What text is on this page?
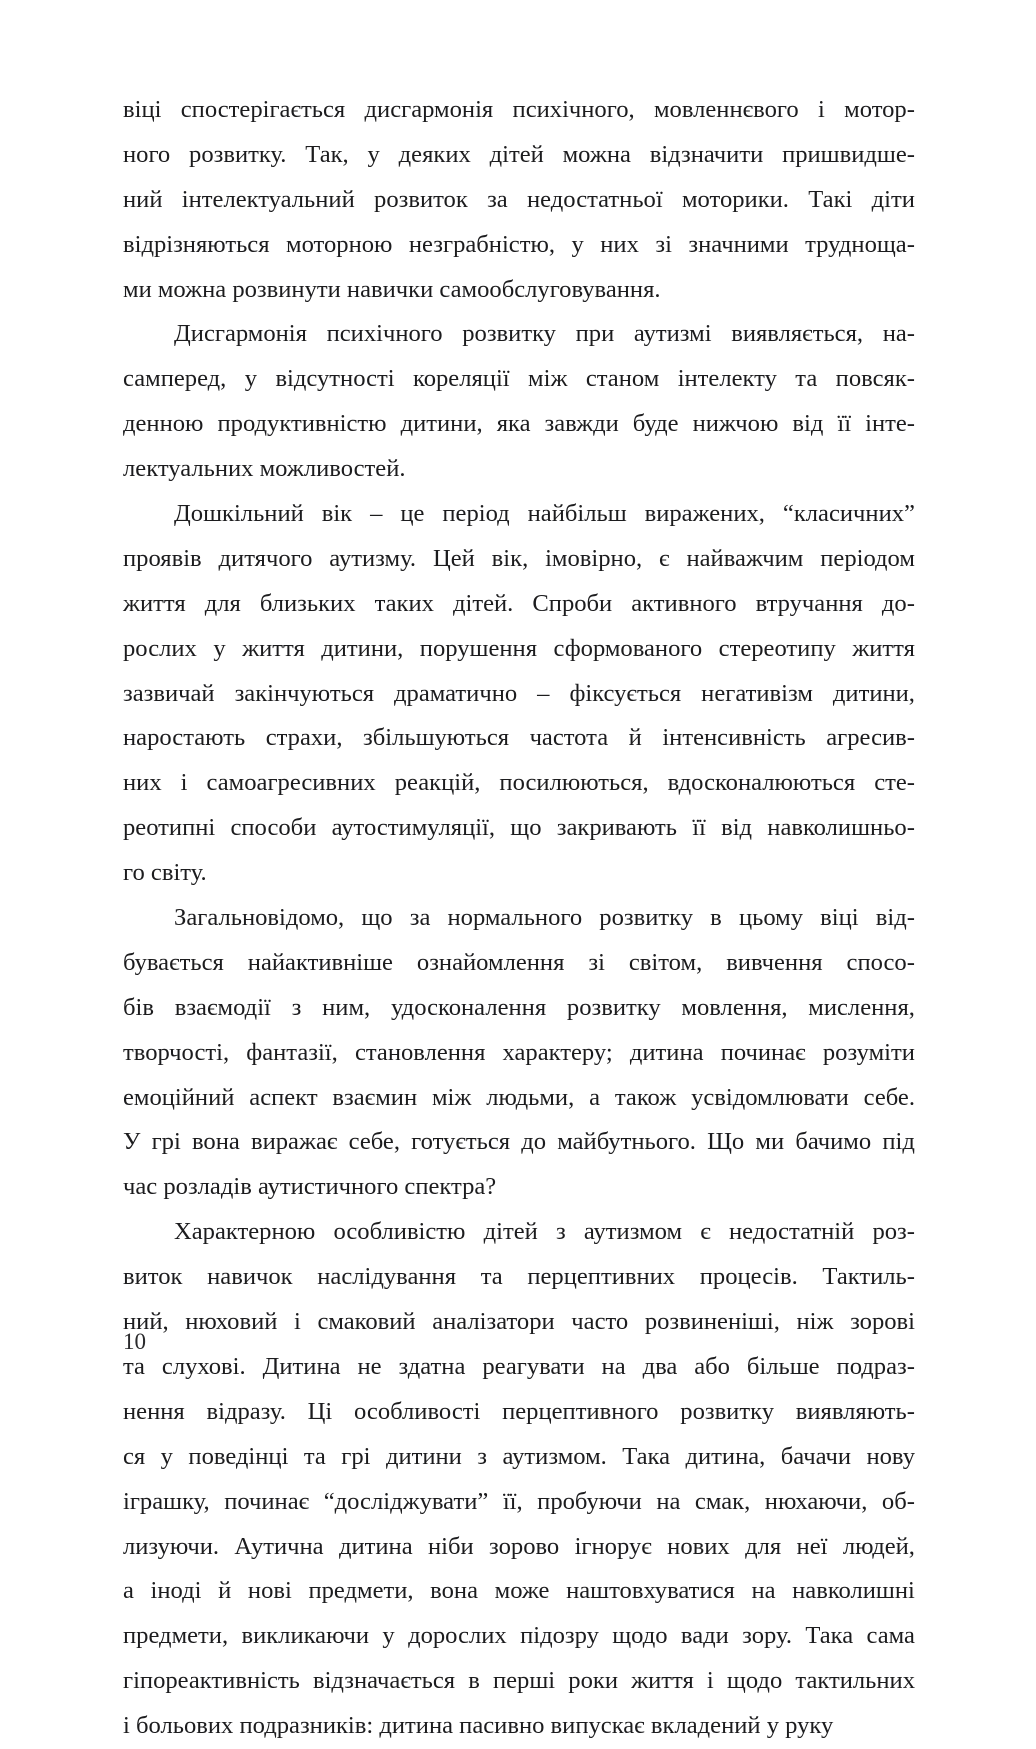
віці спостерігається дисгармонія психічного, мовленнєвого і мотор-
ного розвитку. Так, у деяких дітей можна відзначити пришвидше-
ний інтелектуальний розвиток за недостатньої моторики. Такі діти
відрізняються моторною незграбністю, у них зі значними труднoща-
ми можна розвинути навички самообслуговування.
Дисгармонія психічного розвитку при аутизмі виявляється, на-
самперед, у відсутності кореляції між станом інтелекту та повсяк-
денною продуктивністю дитини, яка завжди буде нижчою від її інте-
лектуальних можливостей.
Дошкільний вік – це період найбільш виражених, “класичних”
проявів дитячого аутизму. Цей вік, імовірно, є найважчим періодом
життя для близьких таких дітей. Спроби активного втручання до-
рослих у життя дитини, порушення сформованого стереотипу життя
зазвичай закінчуються драматично – фіксується негативізм дитини,
наростають страхи, збільшуються частота й інтенсивність агресив-
них і самоагресивних реакцій, посилюються, вдосконалюються сте-
реотипні способи аутостимуляції, що закривають її від навколишньо-
го світу.
Загальновідомо, що за нормального розвитку в цьому віці від-
бувається найактивніше ознайомлення зі світом, вивчення спосо-
бів взаємодії з ним, удосконалення розвитку мовлення, мислення,
творчості, фантазії, становлення характеру; дитина починає розуміти
емоційний аспект взаємин між людьми, а також усвідомлювати себе.
У грі вона виражає себе, готується до майбутнього. Що ми бачимо під
час розладів аутистичного спектра?
Характерною особливістю дітей з аутизмом є недостатній роз-
виток навичок наслідування та перцептивних процесів. Тактиль-
ний, нюховий і смаковий аналізатори часто розвиненіші, ніж зорові
та слухові. Дитина не здатна реагувати на два або більше подраз-
нення відразу. Ці особливості перцептивного розвитку виявляють-
ся у поведінці та грі дитини з аутизмом. Така дитина, бачачи нову
іграшку, починає “досліджувати” її, пробуючи на смак, нюхаючи, об-
лизуючи. Аутична дитина ніби зорово ігнорує нових для неї людей,
а іноді й нові предмети, вона може наштовхуватися на навколишні
предмети, викликаючи у дорослих підозру щодо вади зору. Така сама
гіпореактивність відзначається в перші роки життя і щодо тактильних
і больових подразників: дитина пасивно випускає вкладений у руку
10
